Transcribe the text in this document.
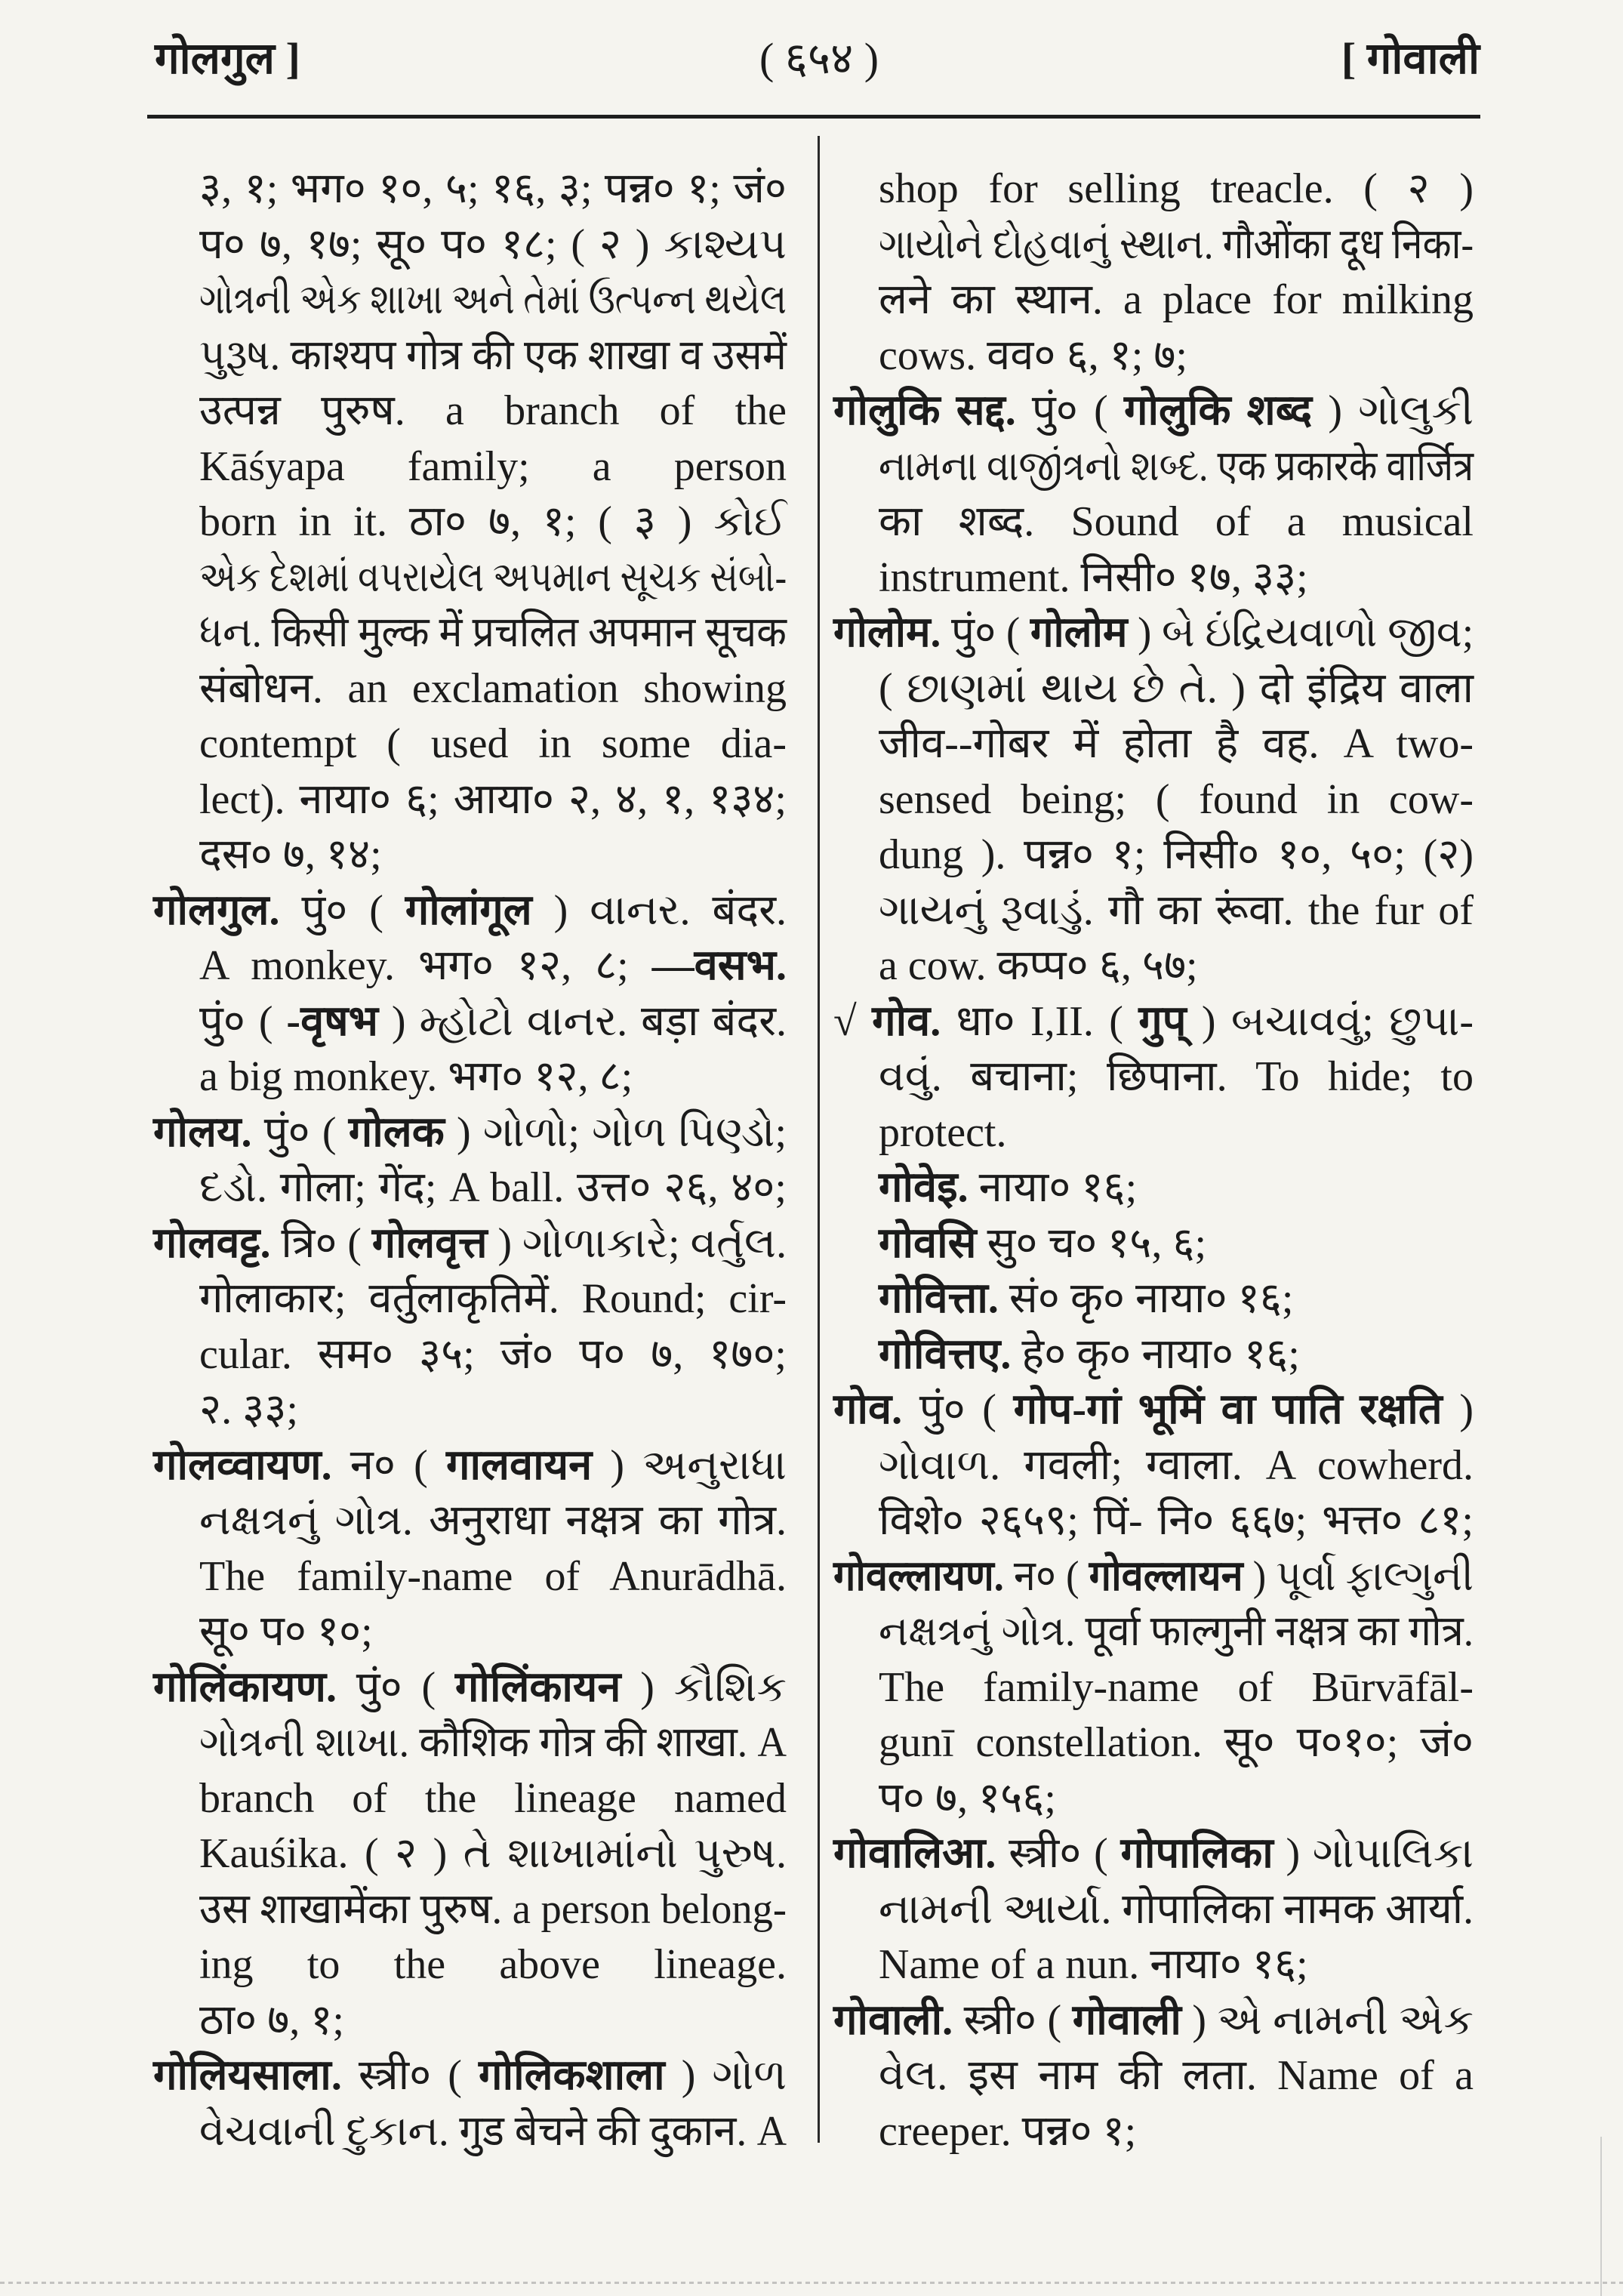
गोलगुल ]	( ६५४ )	[ गोवाली
३, १; भग० १०, ५; १६, ३; पन्न० १; जं०
प० ७, १७; सू० प० १८; ( २ ) કાશ્યપ
ગોત્રની એક શાખા અને તેમાં ઉત્પન્ન થયેલ
પુરૂષ. काश्यप गोत्र की एक शाखा व उसमें
उत्पन्न पुरुष. a branch of the
Kāśyapa family; a person
born in it. ठा० ७, १; ( ३ ) કોઈ
એક દેશમાં વપરાયેલ અપમાન સૂચક સંબો-
ધન. किसी मुल्क में प्रचलित अपमान सूचक
संबोधन. an exclamation showing
contempt ( used in some dia-
lect). नाया० ६; आया० २, ४, १, १३४;
दस० ७, १४;
गोलगुल. पुं० ( गोलांगूल ) વાનર. बंदर.
A monkey. भग० १२, ८; —वसभ.
पुं० ( -वृषभ ) મ્હોટો વાનર. बड़ा बंदर.
a big monkey. भग० १२, ८;
गोलय. पुं० ( गोलक ) ગોળો; ગોળ પિણ્ડો;
દડો. गोला; गेंद; A ball. उत्त० २६, ४०;
गोलवट्ट. त्रि० ( गोलवृत्त ) ગોળાકારે; વર્તુલ.
गोलाकार; वर्तुलाकृतिमें. Round; cir-
cular. सम० ३५; जं० प० ७, १७०;
२. ३३;
गोलव्वायण. न० ( गालवायन ) અનુરાધા
નક્ષત્રનું ગોત્ર. अनुराधा नक्षत्र का गोत्र.
The family-name of Anurādhā.
सू० प० १०;
गोलिंकायण. पुं० ( गोलिंकायन ) કૌશિક
ગોત્રની શાખા. कौशिक गोत्र की शाखा. A
branch of the lineage named
Kauśika. ( २ ) તે શાખામાંનો પુરુષ.
उस शाखामेंका पुरुष. a person belong-
ing to the above lineage.
ठा० ७, १;
गोलियसाला. स्त्री० ( गोलिकशाला ) ગોળ
વેચવાની દુકાન. गुड बेचने की दुकान. A
shop for selling treacle. ( २ )
ગાયોને દોહવાનું સ્થાન. गौओंका दूध निका-
लने का स्थान. a place for milking
cows. वव० ६, १; ७;
गोलुकि सद्द. पुं० ( गोलुकि शब्द ) ગોલુકી
નામના વાજીંત્રનો શબ્દ. एक प्रकारके वार्जित्र
का शब्द. Sound of a musical
instrument. निसी० १७, ३३;
गोलोम. पुं० ( गोलोम ) બે ઇંદ્રિયવાળો જીવ;
( છાણમાં થાય છે તે. ) दो इंद्रिय वाला
जीव--गोबर में होता है वह. A two-
sensed being; ( found in cow-
dung ). पन्न० १; निसी० १०, ५०; (२)
ગાયનું રૂવાડું. गौ का रूंवा. the fur of
a cow. कप्प० ६, ५७;
√ गोव. धा० I,II. ( गुप् ) બચાવવું; છુપા-
વવું. बचाना; छिपाना. To hide; to
protect.
गोवेइ. नाया० १६;
गोवसि सु० च० १५, ६;
गोवित्ता. सं० कृ० नाया० १६;
गोवित्तए. हे० कृ० नाया० १६;
गोव. पुं० ( गोप-गां भूमिं वा पाति रक्षति )
ગોવાળ. गवली; ग्वाला. A cowherd.
विशे० २६५९; पिं- नि० ६६७; भत्त० ८१;
गोवल्लायण. न० ( गोवल्लायन ) પૂર્વા ફાલ્ગુની
નક્ષત્રનું ગોત્ર. पूर्वा फाल्गुनी नक्षत्र का गोत्र.
The family-name of Būrvāfāl-
gunī constellation. सू० प०१०; जं०
प० ७, १५६;
गोवालिआ. स्त्री० ( गोपालिका ) ગોપાલિકા
નામની આર્યા. गोपालिका नामक आर्या.
Name of a nun. नाया० १६;
गोवाली. स्त्री० ( गोवाली ) એ નામની એક
વેલ. इस नाम की लता. Name of a
creeper. पन्न० १;
